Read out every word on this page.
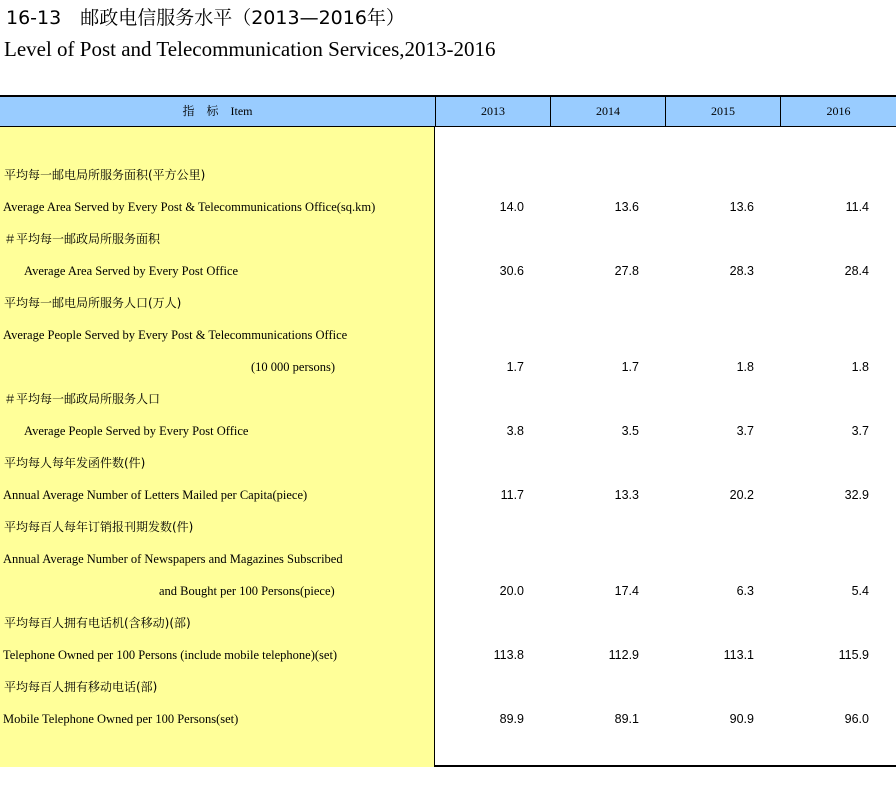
16-13　邮政电信服务水平（2013—2016年）
Level of Post and Telecommunication Services,2013-2016
指　标　Item	2013	2014	2015	2016
平均每一邮电局所服务面积(平方公里)
Average Area Served by Every Post & Telecommunications Office(sq.km)	14.0	13.6	13.6	11.4
＃平均每一邮政局所服务面积
Average Area Served by Every Post Office	30.6	27.8	28.3	28.4
平均每一邮电局所服务人口(万人)
Average People Served by Every Post & Telecommunications Office
(10 000 persons)	1.7	1.7	1.8	1.8
＃平均每一邮政局所服务人口
Average People Served by Every Post Office	3.8	3.5	3.7	3.7
平均每人每年发函件数(件)
Annual Average Number of Letters Mailed per Capita(piece)	11.7	13.3	20.2	32.9
平均每百人每年订销报刊期发数(件)
Annual Average Number of Newspapers and Magazines Subscribed
and Bought per 100 Persons(piece)	20.0	17.4	6.3	5.4
平均每百人拥有电话机(含移动)(部)
Telephone Owned per 100 Persons (include mobile telephone)(set)	113.8	112.9	113.1	115.9
平均每百人拥有移动电话(部)
Mobile Telephone Owned per 100 Persons(set)	89.9	89.1	90.9	96.0
